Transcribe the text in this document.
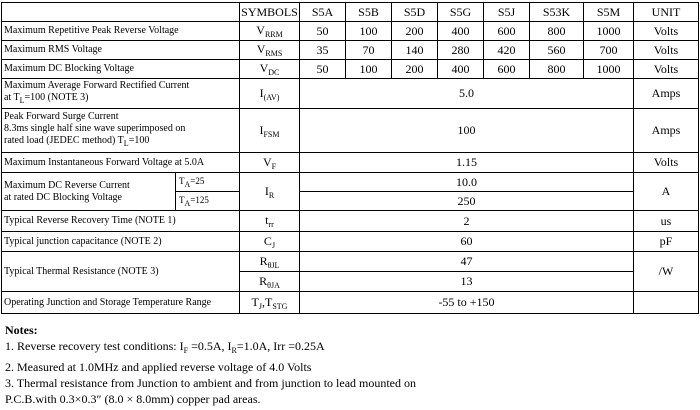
		SYMBOLS	S5A	S5B	S5D	S5G	S5J	S53K	S5M	UNIT
Maximum Repetitive Peak Reverse Voltage		$V_{RRM}$	50	100	200	400	600	800	1000	Volts
Maximum RMS Voltage		$V_{RMS}$	35	70	140	280	420	560	700	Volts
Maximum DC Blocking Voltage		$V_{DC}$	50	100	200	400	600	800	1000	Volts

Maximum Average Forward Rectified Current
at $T_L=100$ (NOTE 3)		$I_{(AV)}$	5.0							Amps

Peak Forward Surge Current
8.3ms single half sine wave superimposed on
rated load (JEDEC method) $T_L=100$		$I_{FSM}$	100							Amps
Maximum Instantaneous Forward Voltage at 5.0A		$V_F$	1.15							Volts

Maximum DC Reverse Current
at rated DC Blocking Voltage	TA=25	$I_R$	10.0							A
	TA=125		250							
Typical Reverse Recovery Time (NOTE 1)		$t_{rr}$	2							us
Typical junction capacitance (NOTE 2)		$C_J$	60							pF
Typical Thermal Resistance (NOTE 3)		$R_{\theta JL}$	47							/W
		$R_{\theta JA}$	13							
Operating Junction and Storage Temperature Range		$T_J,T_{STG}$	-55 to +150							
Notes:
1. Reverse recovery test conditions: $I_F =0.5A$, $I_R=1.0A$, Irr =0.25A
2. Measured at 1.0MHz and applied reverse voltage of 4.0 Volts
3. Thermal resistance from Junction to ambient and from junction to lead mounted on
P.C.B.with 0.3×0.3″ (8.0 × 8.0mm) copper pad areas.
